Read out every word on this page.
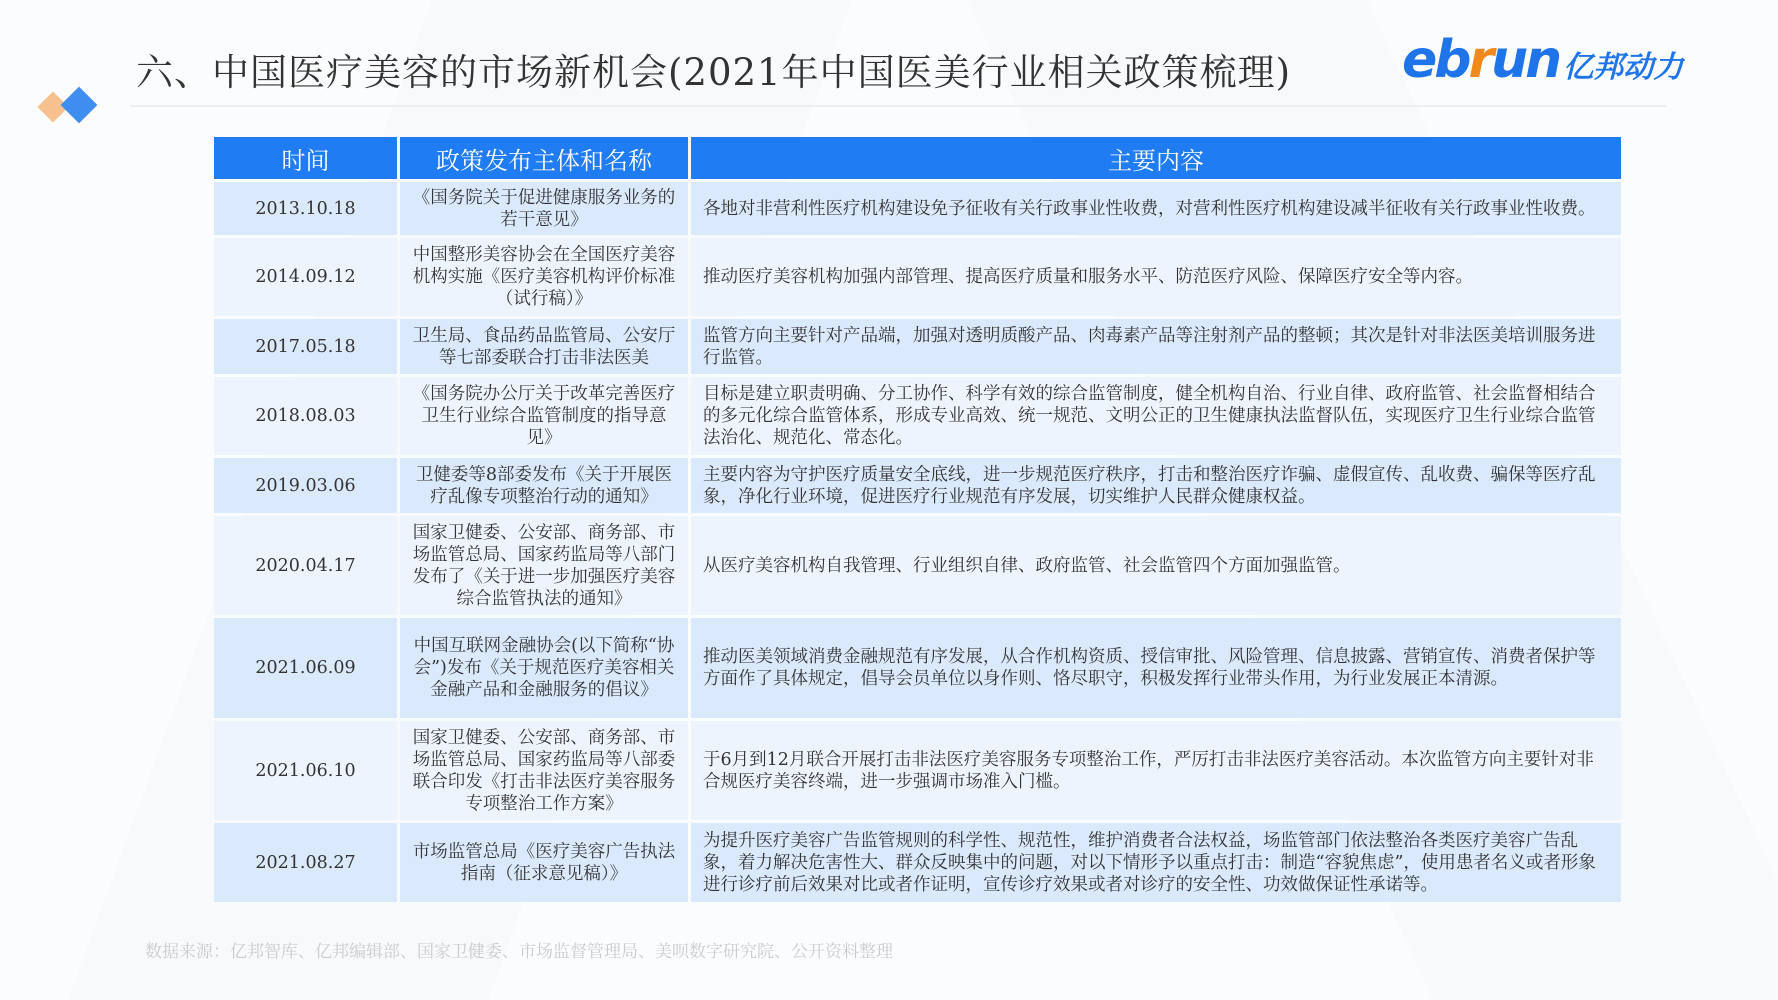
六、中国医疗美容的市场新机会(2021年中国医美行业相关政策梳理) ebrun 亿邦动力
时间	政策发布主体和名称	主要内容
2013.10.18	《国务院关于促进健康服务业务的若干意见》	各地对非营利性医疗机构建设免予征收有关行政事业性收费，对营利性医疗机构建设减半征收有关行政事业性收费。
2014.09.12	中国整形美容协会在全国医疗美容机构实施《医疗美容机构评价标准（试行稿）》	推动医疗美容机构加强内部管理、提高医疗质量和服务水平、防范医疗风险、保障医疗安全等内容。
2017.05.18	卫生局、食品药品监管局、公安厅等七部委联合打击非法医美	监管方向主要针对产品端，加强对透明质酸产品、肉毒素产品等注射剂产品的整顿；其次是针对非法医美培训服务进行监管。
2018.08.03	《国务院办公厅关于改革完善医疗卫生行业综合监管制度的指导意见》	目标是建立职责明确、分工协作、科学有效的综合监管制度，健全机构自治、行业自律、政府监管、社会监督相结合的多元化综合监管体系，形成专业高效、统一规范、文明公正的卫生健康执法监督队伍，实现医疗卫生行业综合监管法治化、规范化、常态化。
2019.03.06	卫健委等8部委发布《关于开展医疗乱像专项整治行动的通知》	主要内容为守护医疗质量安全底线，进一步规范医疗秩序，打击和整治医疗诈骗、虚假宣传、乱收费、骗保等医疗乱象，净化行业环境，促进医疗行业规范有序发展，切实维护人民群众健康权益。
2020.04.17	国家卫健委、公安部、商务部、市场监管总局、国家药监局等八部门发布了《关于进一步加强医疗美容综合监管执法的通知》	从医疗美容机构自我管理、行业组织自律、政府监管、社会监管四个方面加强监管。
2021.06.09	中国互联网金融协会(以下简称“协会”)发布《关于规范医疗美容相关金融产品和金融服务的倡议》	推动医美领域消费金融规范有序发展，从合作机构资质、授信审批、风险管理、信息披露、营销宣传、消费者保护等方面作了具体规定，倡导会员单位以身作则、恪尽职守，积极发挥行业带头作用，为行业发展正本清源。
2021.06.10	国家卫健委、公安部、商务部、市场监管总局、国家药监局等八部委联合印发《打击非法医疗美容服务专项整治工作方案》	于6月到12月联合开展打击非法医疗美容服务专项整治工作，严厉打击非法医疗美容活动。本次监管方向主要针对非合规医疗美容终端，进一步强调市场准入门槛。
2021.08.27	市场监管总局《医疗美容广告执法指南（征求意见稿）》	为提升医疗美容广告监管规则的科学性、规范性，维护消费者合法权益，场监管部门依法整治各类医疗美容广告乱象，着力解决危害性大、群众反映集中的问题，对以下情形予以重点打击：制造“容貌焦虑”，使用患者名义或者形象进行诊疗前后效果对比或者作证明，宣传诊疗效果或者对诊疗的安全性、功效做保证性承诺等。
数据来源：亿邦智库、亿邦编辑部、国家卫健委、市场监督管理局、美呗数字研究院、公开资料整理
